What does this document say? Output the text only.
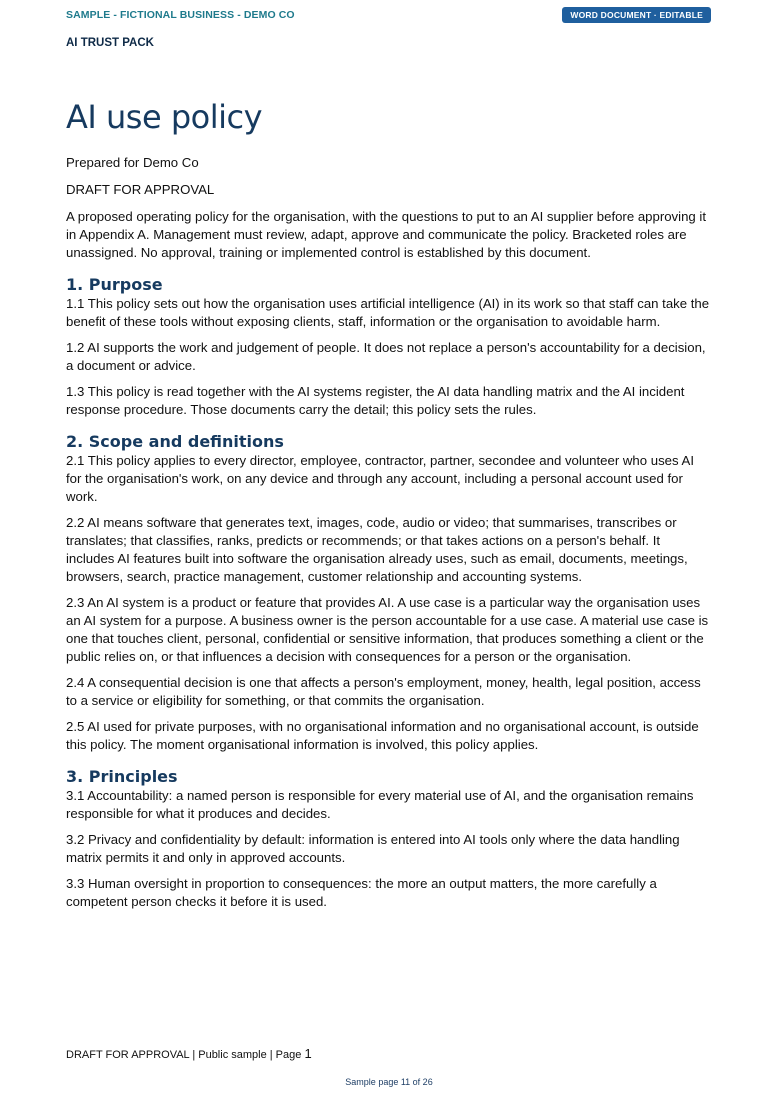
SAMPLE - FICTIONAL BUSINESS - DEMO CO	WORD DOCUMENT · EDITABLE
AI TRUST PACK
AI use policy

Prepared for Demo Co

DRAFT FOR APPROVAL

A proposed operating policy for the organisation, with the questions to put to an AI supplier before approving it in Appendix A. Management must review, adapt, approve and communicate the policy. Bracketed roles are unassigned. No approval, training or implemented control is established by this document.

1. Purpose

1.1 This policy sets out how the organisation uses artificial intelligence (AI) in its work so that staff can take the benefit of these tools without exposing clients, staff, information or the organisation to avoidable harm.

1.2 AI supports the work and judgement of people. It does not replace a person's accountability for a decision, a document or advice.

1.3 This policy is read together with the AI systems register, the AI data handling matrix and the AI incident response procedure. Those documents carry the detail; this policy sets the rules.

2. Scope and definitions

2.1 This policy applies to every director, employee, contractor, partner, secondee and volunteer who uses AI for the organisation's work, on any device and through any account, including a personal account used for work.

2.2 AI means software that generates text, images, code, audio or video; that summarises, transcribes or translates; that classifies, ranks, predicts or recommends; or that takes actions on a person's behalf. It includes AI features built into software the organisation already uses, such as email, documents, meetings, browsers, search, practice management, customer relationship and accounting systems.

2.3 An AI system is a product or feature that provides AI. A use case is a particular way the organisation uses an AI system for a purpose. A business owner is the person accountable for a use case. A material use case is one that touches client, personal, confidential or sensitive information, that produces something a client or the public relies on, or that influences a decision with consequences for a person or the organisation.

2.4 A consequential decision is one that affects a person's employment, money, health, legal position, access to a service or eligibility for something, or that commits the organisation.

2.5 AI used for private purposes, with no organisational information and no organisational account, is outside this policy. The moment organisational information is involved, this policy applies.

3. Principles

3.1 Accountability: a named person is responsible for every material use of AI, and the organisation remains responsible for what it produces and decides.

3.2 Privacy and confidentiality by default: information is entered into AI tools only where the data handling matrix permits it and only in approved accounts.

3.3 Human oversight in proportion to consequences: the more an output matters, the more carefully a competent person checks it before it is used.

DRAFT FOR APPROVAL | Public sample | Page 1
Sample page 11 of 26
